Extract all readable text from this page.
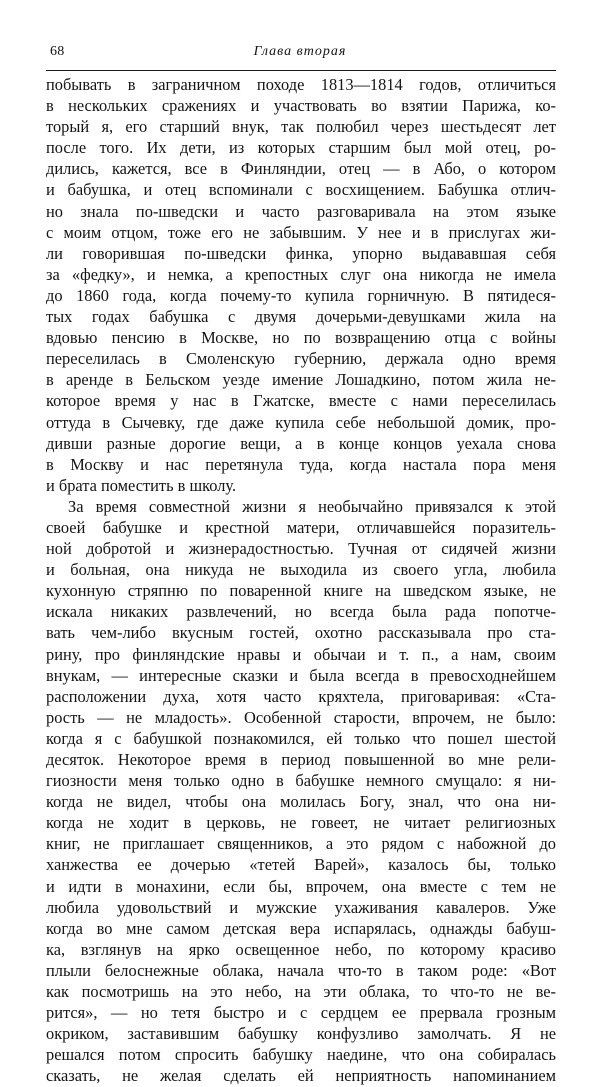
68	Глава вторая
побывать в заграничном походе 1813—1814 годов, отличиться
в нескольких сражениях и участвовать во взятии Парижа, ко-
торый я, его старший внук, так полюбил через шестьдесят лет
после того. Их дети, из которых старшим был мой отец, ро-
дились, кажется, все в Финляндии, отец — в Або, о котором
и бабушка, и отец вспоминали с восхищением. Бабушка отлич-
но знала по-шведски и часто разговаривала на этом языке
с моим отцом, тоже его не забывшим. У нее и в прислугах жи-
ли говорившая по-шведски финка, упорно выдававшая себя
за «федку», и немка, а крепостных слуг она никогда не имела
до 1860 года, когда почему-то купила горничную. В пятидеся-
тых годах бабушка с двумя дочерьми-девушками жила на
вдовью пенсию в Москве, но по возвращению отца с войны
переселилась в Смоленскую губернию, держала одно время
в аренде в Бельском уезде имение Лошадкино, потом жила не-
которое время у нас в Гжатске, вместе с нами переселилась
оттуда в Сычевку, где даже купила себе небольшой домик, про-
дивши разные дорогие вещи, а в конце концов уехала снова
в Москву и нас перетянула туда, когда настала пора меня
и брата поместить в школу.
За время совместной жизни я необычайно привязался к этой
своей бабушке и крестной матери, отличавшейся поразитель-
ной добротой и жизнерадостностью. Тучная от сидячей жизни
и больная, она никуда не выходила из своего угла, любила
кухонную стряпню по поваренной книге на шведском языке, не
искала никаких развлечений, но всегда была рада попотче-
вать чем-либо вкусным гостей, охотно рассказывала про ста-
рину, про финляндские нравы и обычаи и т. п., а нам, своим
внукам, — интересные сказки и была всегда в превосходнейшем
расположении духа, хотя часто кряхтела, приговаривая: «Ста-
рость — не младость». Особенной старости, впрочем, не было:
когда я с бабушкой познакомился, ей только что пошел шестой
десяток. Некоторое время в период повышенной во мне рели-
гиозности меня только одно в бабушке немного смущало: я ни-
когда не видел, чтобы она молилась Богу, знал, что она ни-
когда не ходит в церковь, не говеет, не читает религиозных
книг, не приглашает священников, а это рядом с набожной до
ханжества ее дочерью «тетей Варей», казалось бы, только
и идти в монахини, если бы, впрочем, она вместе с тем не
любила удовольствий и мужские ухаживания кавалеров. Уже
когда во мне самом детская вера испарялась, однажды бабуш-
ка, взглянув на ярко освещенное небо, по которому красиво
плыли белоснежные облака, начала что-то в таком роде: «Вот
как посмотришь на это небо, на эти облака, то что-то не ве-
рится», — но тетя быстро и с сердцем ее прервала грозным
окриком, заставившим бабушку конфузливо замолчать. Я не
решался потом спросить бабушку наедине, что она собиралась
сказать, не желая сделать ей неприятность напоминанием
